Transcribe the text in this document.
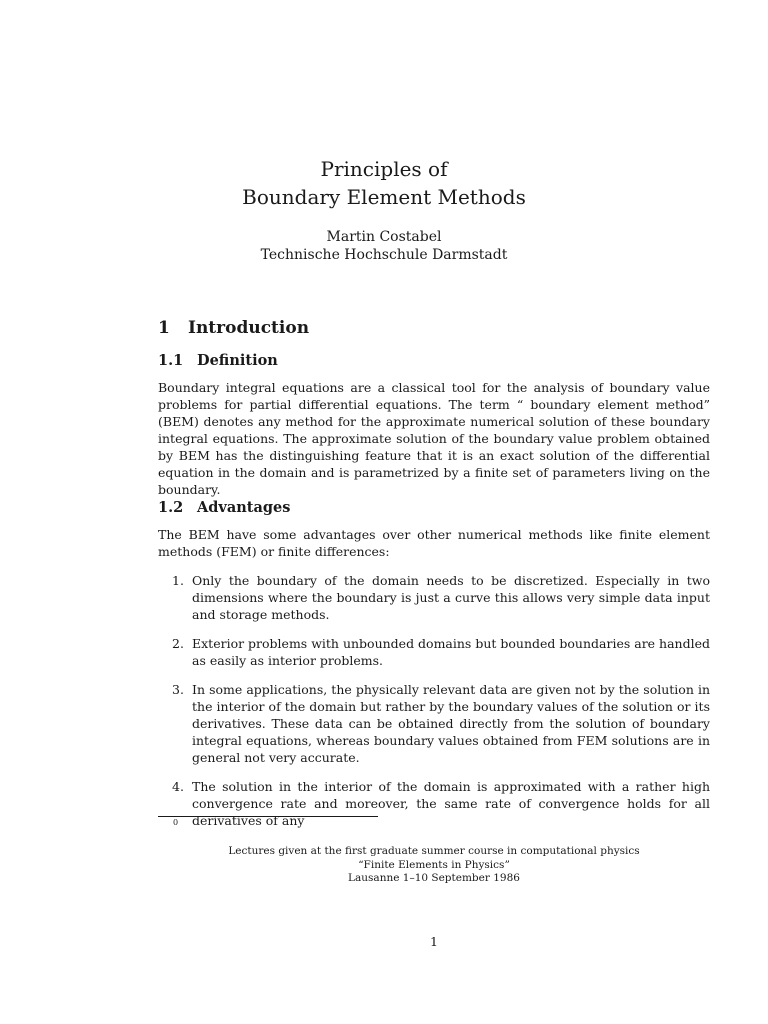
Principles of
Boundary Element Methods
Martin Costabel
Technische Hochschule Darmstadt
1 Introduction
1.1 Definition
Boundary integral equations are a classical tool for the analysis of boundary value problems for partial differential equations. The term “ boundary element method” (BEM) denotes any method for the approximate numerical solution of these boundary integral equations. The approximate solution of the boundary value problem obtained by BEM has the distinguishing feature that it is an exact solution of the differential equation in the domain and is parametrized by a finite set of parameters living on the boundary.
1.2 Advantages
The BEM have some advantages over other numerical methods like finite element methods (FEM) or finite differences:
1. Only the boundary of the domain needs to be discretized. Especially in two dimensions where the boundary is just a curve this allows very simple data input and storage methods.
2. Exterior problems with unbounded domains but bounded boundaries are handled as easily as interior problems.
3. In some applications, the physically relevant data are given not by the solution in the interior of the domain but rather by the boundary values of the solution or its derivatives. These data can be obtained directly from the solution of boundary integral equations, whereas boundary values obtained from FEM solutions are in general not very accurate.
4. The solution in the interior of the domain is approximated with a rather high convergence rate and moreover, the same rate of convergence holds for all derivatives of any
0
Lectures given at the first graduate summer course in computational physics
“Finite Elements in Physics”
Lausanne 1–10 September 1986
1
